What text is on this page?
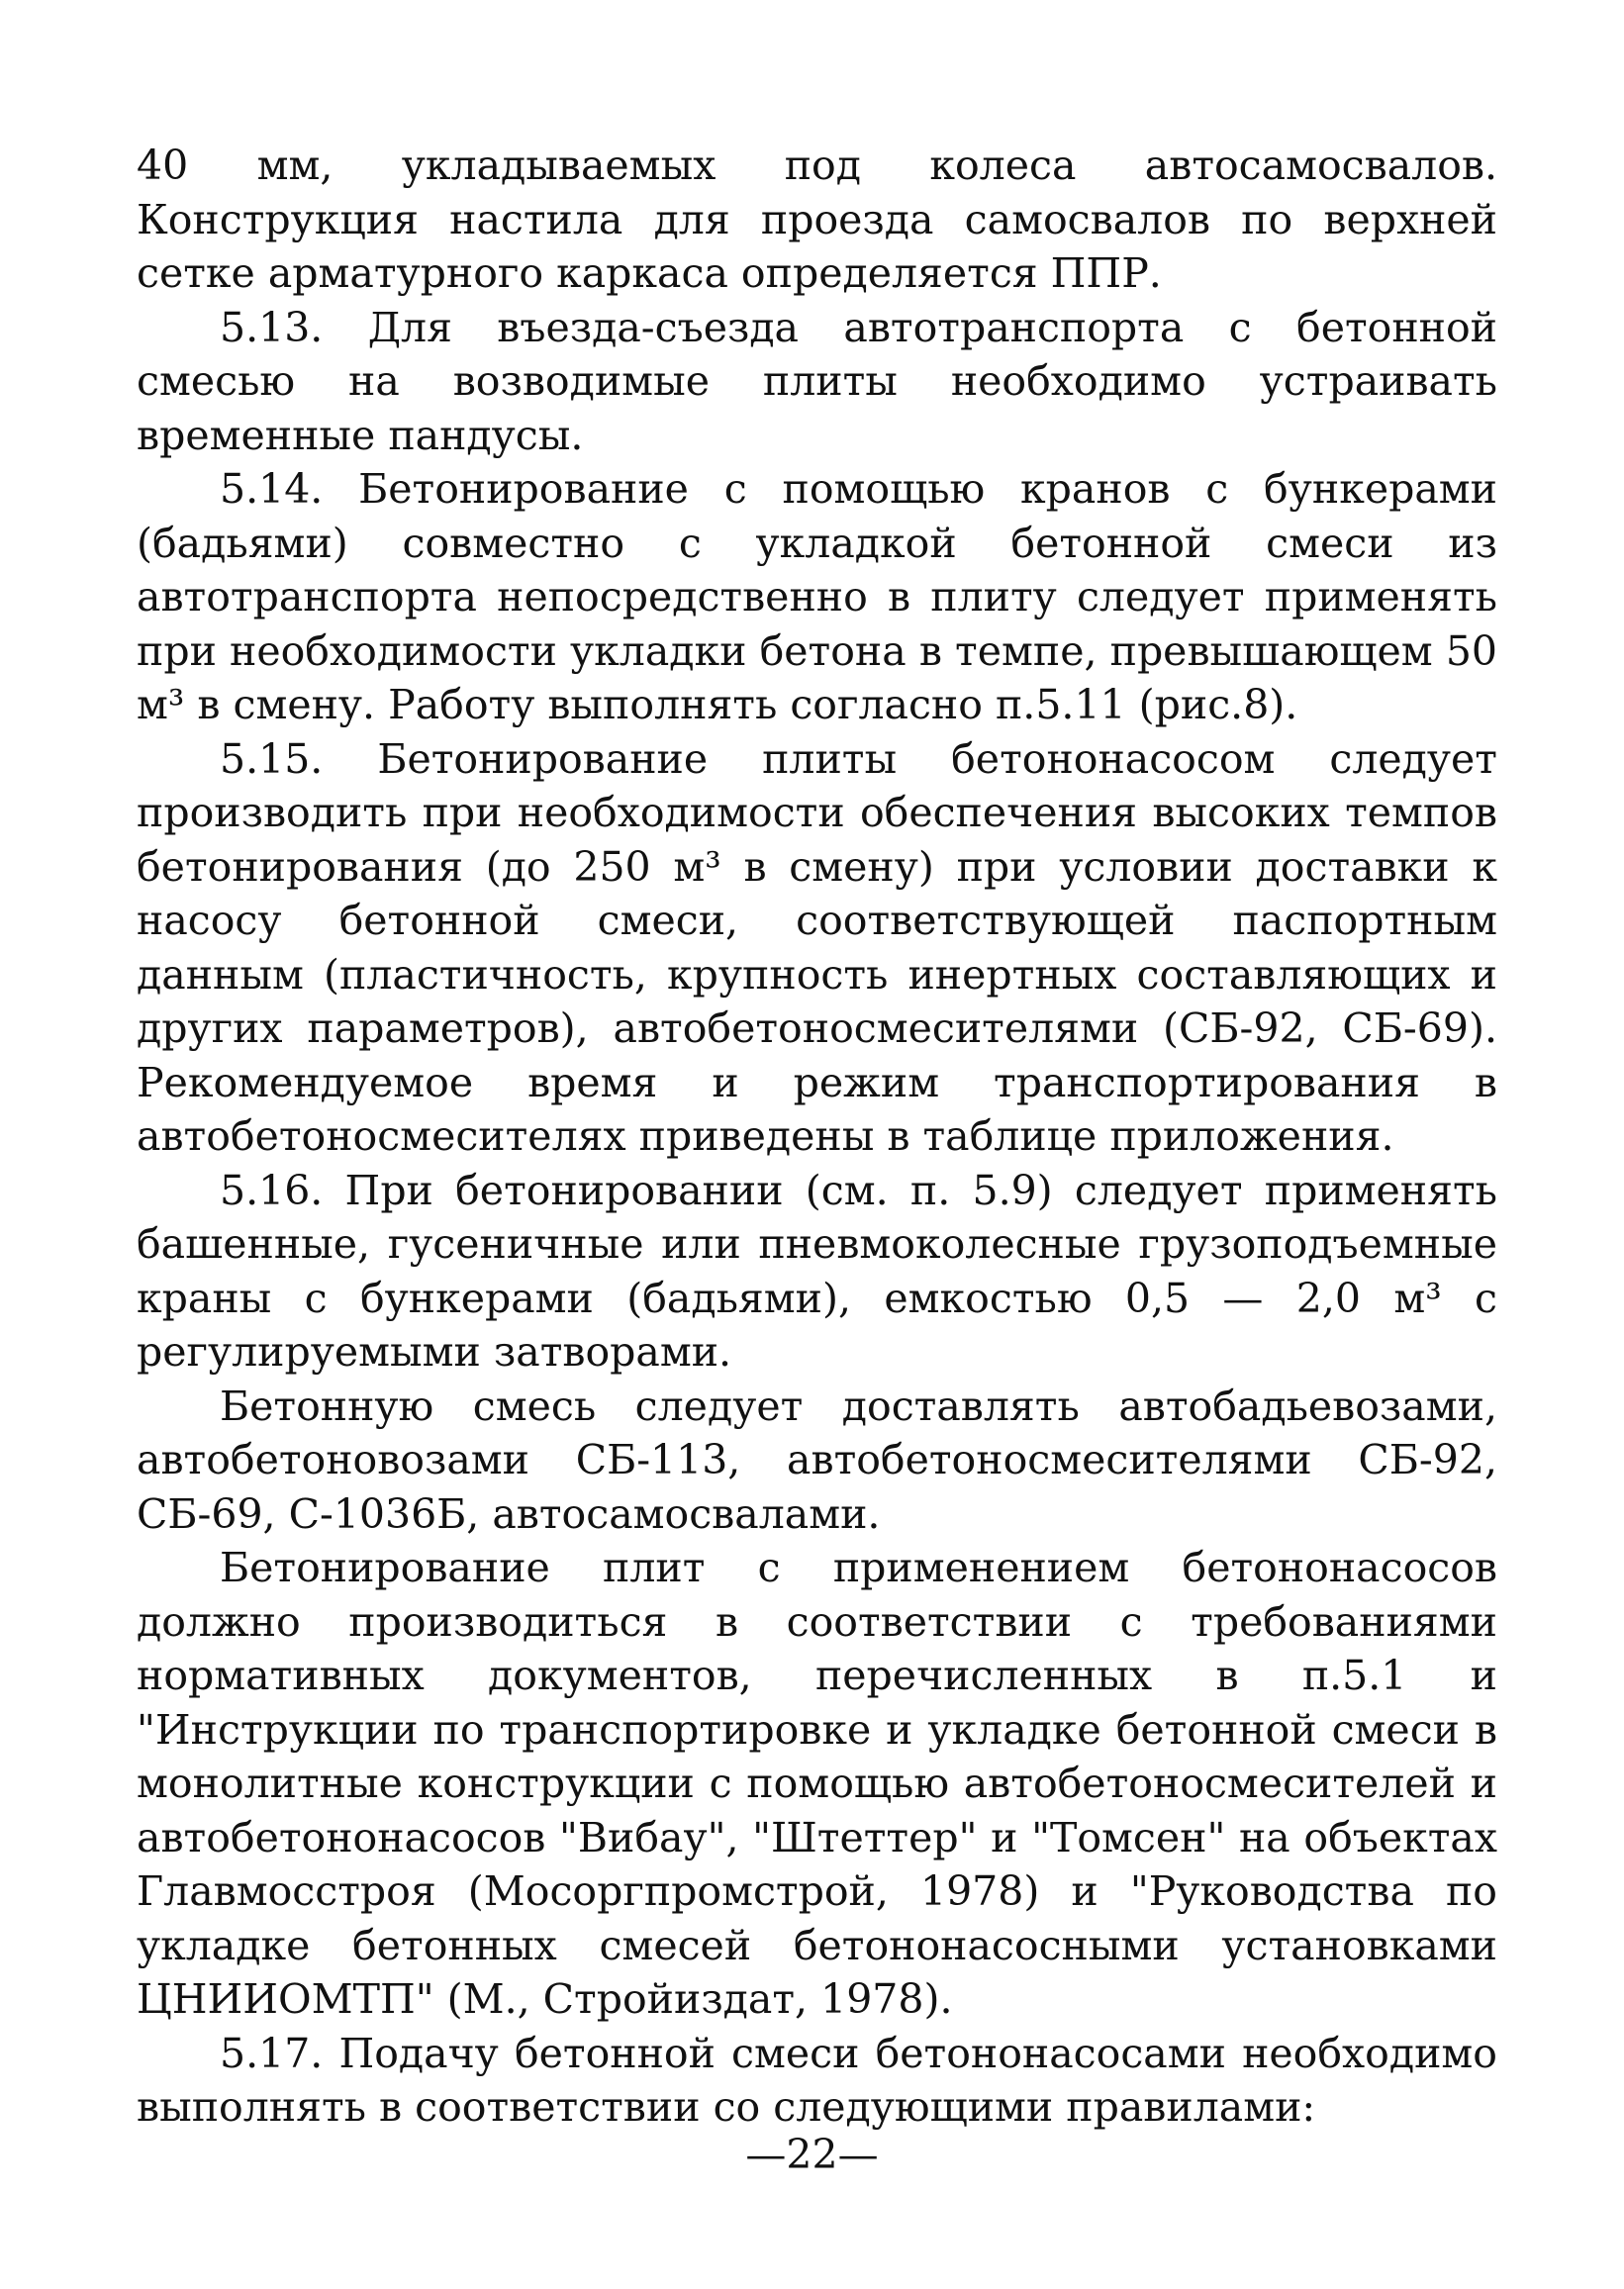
40 мм, укладываемых под колеса автосамосвалов. Конструкция настила для проезда самосвалов по верхней сетке арматурного каркаса определяется ППР.

5.13. Для въезда-съезда автотранспорта с бетонной смесью на возводимые плиты необходимо устраивать временные пандусы.

5.14. Бетонирование с помощью кранов с бункерами (бадьями) совместно с укладкой бетонной смеси из автотранспорта непосредственно в плиту следует применять при необходимости укладки бетона в темпе, превышающем 50 м³ в смену. Работу выполнять согласно п.5.11 (рис.8).

5.15. Бетонирование плиты бетононасосом следует производить при необходимости обеспечения высоких темпов бетонирования (до 250 м³ в смену) при условии доставки к насосу бетонной смеси, соответствующей паспортным данным (пластичность, крупность инертных составляющих и других параметров), автобетоносмесителями (СБ-92, СБ-69). Рекомендуемое время и режим транспортирования в автобетоносмесителях приведены в таблице приложения.

5.16. При бетонировании (см. п. 5.9) следует применять башенные, гусеничные или пневмоколесные грузоподъемные краны с бункерами (бадьями), емкостью 0,5 — 2,0 м³ с регулируемыми затворами.

Бетонную смесь следует доставлять автобадьевозами, автобетоновозами СБ-113, автобетоносмесителями СБ-92, СБ-69, С-1036Б, автосамосвалами.

Бетонирование плит с применением бетононасосов должно производиться в соответствии с требованиями нормативных документов, перечисленных в п.5.1 и "Инструкции по транспортировке и укладке бетонной смеси в монолитные конструкции с помощью автобетоносмесителей и автобетононасосов "Вибау", "Штеттер" и "Томсен" на объектах Главмосстроя (Мосоргпромстрой, 1978) и "Руководства по укладке бетонных смесей бетононасосными установками ЦНИИОМТП" (М., Стройиздат, 1978).

5.17. Подачу бетонной смеси бетононасосами необходимо выполнять в соответствии со следующими правилами:

—22—
